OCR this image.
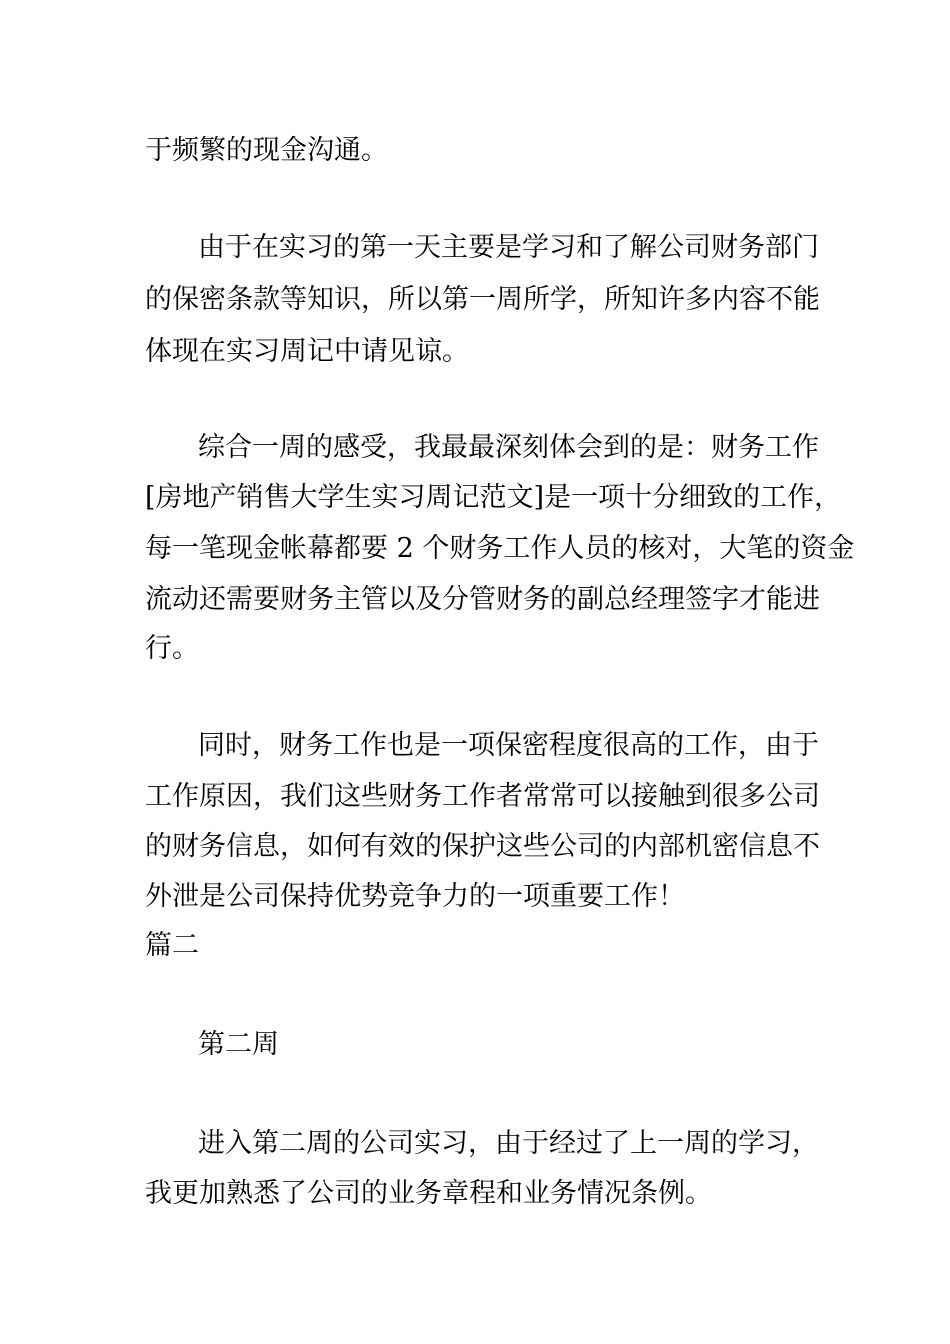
于频繁的现金沟通。

由于在实习的第一天主要是学习和了解公司财务部门

的保密条款等知识，所以第一周所学，所知许多内容不能

体现在实习周记中请见谅。

综合一周的感受，我最最深刻体会到的是：财务工作

[房地产销售大学生实习周记范文]是一项十分细致的工作，

每一笔现金帐幕都要 2 个财务工作人员的核对，大笔的资金

流动还需要财务主管以及分管财务的副总经理签字才能进

行。

同时，财务工作也是一项保密程度很高的工作，由于

工作原因，我们这些财务工作者常常可以接触到很多公司

的财务信息，如何有效的保护这些公司的内部机密信息不

外泄是公司保持优势竞争力的一项重要工作！

篇二

第二周

进入第二周的公司实习，由于经过了上一周的学习，

我更加熟悉了公司的业务章程和业务情况条例。
